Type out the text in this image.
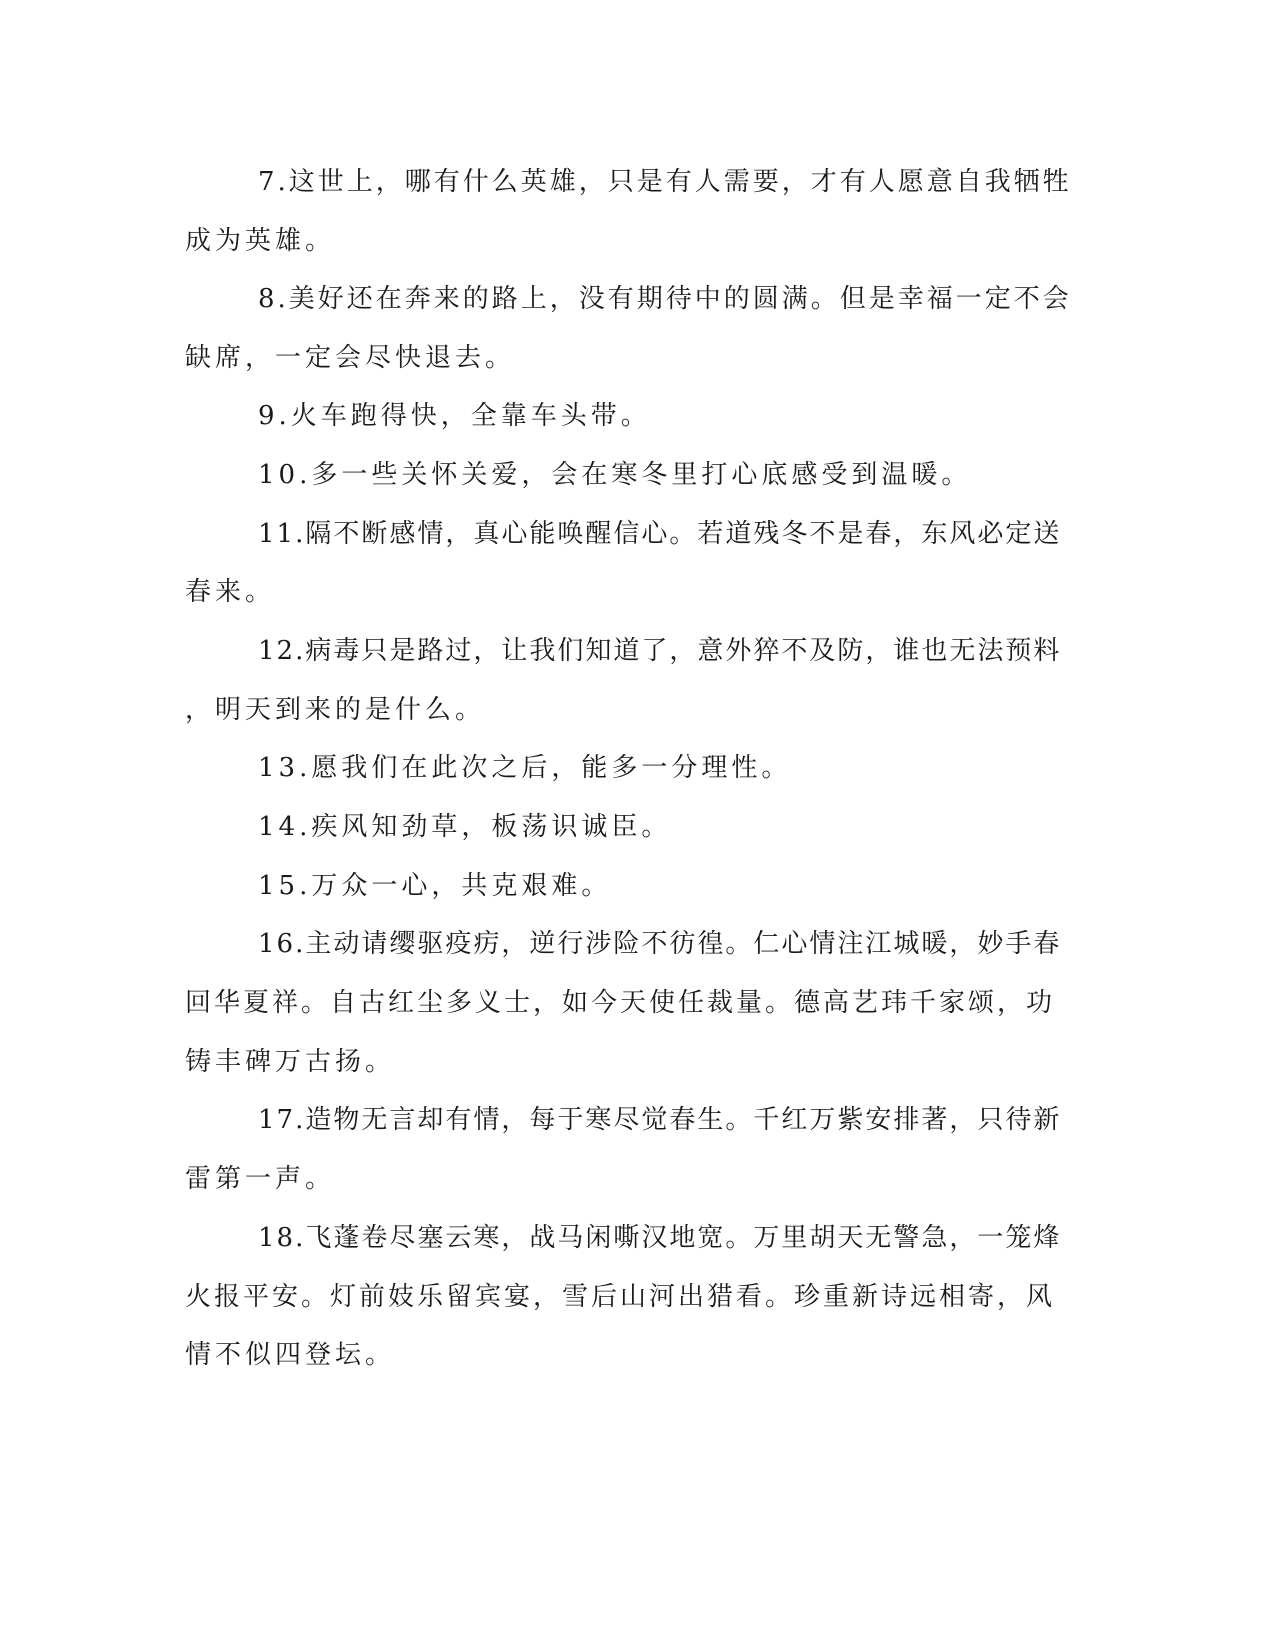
7.这世上，哪有什么英雄，只是有人需要，才有人愿意自我牺牲
成为英雄。
8.美好还在奔来的路上，没有期待中的圆满。但是幸福一定不会
缺席，一定会尽快退去。
9.火车跑得快，全靠车头带。
10.多一些关怀关爱，会在寒冬里打心底感受到温暖。
11.隔不断感情，真心能唤醒信心。若道残冬不是春，东风必定送
春来。
12.病毒只是路过，让我们知道了，意外猝不及防，谁也无法预料
，明天到来的是什么。
13.愿我们在此次之后，能多一分理性。
14.疾风知劲草，板荡识诚臣。
15.万众一心，共克艰难。
16.主动请缨驱疫疠，逆行涉险不彷徨。仁心情注江城暖，妙手春
回华夏祥。自古红尘多义士，如今天使任裁量。德高艺玮千家颂，功
铸丰碑万古扬。
17.造物无言却有情，每于寒尽觉春生。千红万紫安排著，只待新
雷第一声。
18.飞蓬卷尽塞云寒，战马闲嘶汉地宽。万里胡天无警急，一笼烽
火报平安。灯前妓乐留宾宴，雪后山河出猎看。珍重新诗远相寄，风
情不似四登坛。
